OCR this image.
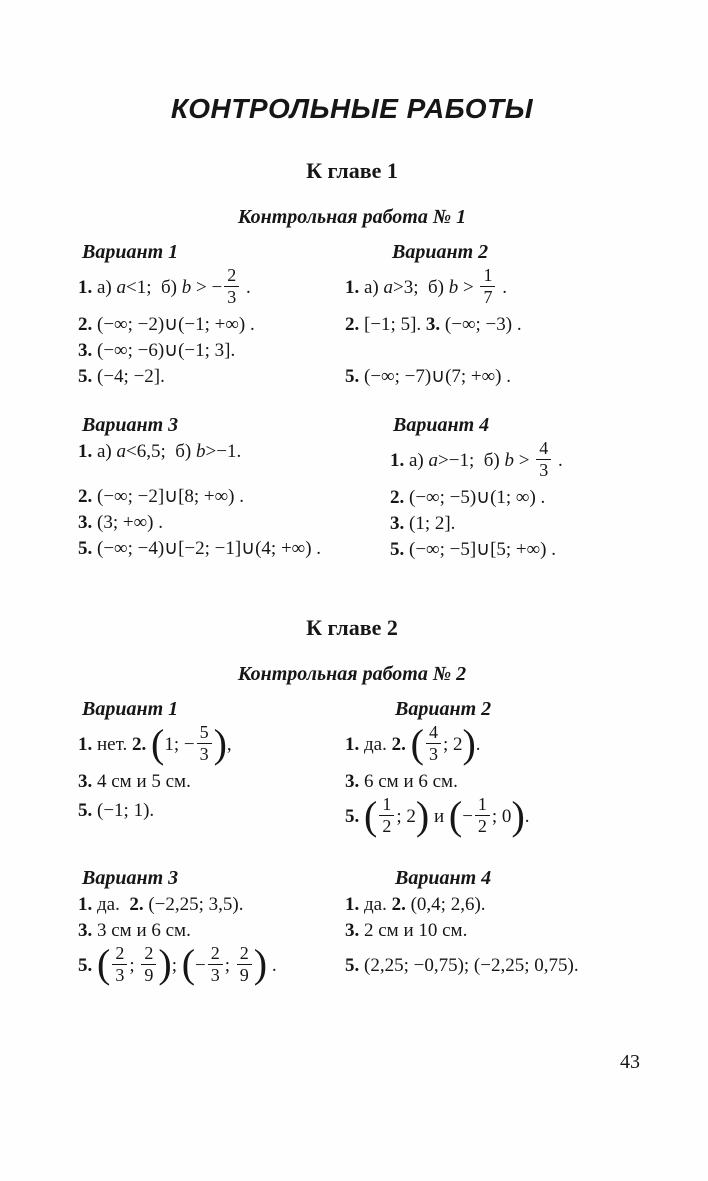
КОНТРОЛЬНЫЕ РАБОТЫ
К главе 1
Контрольная работа № 1
Вариант 1
1. а) a<1;  б) b > − $\frac{2}{3}$ .
2. (−∞; −2)∪(−1; +∞) .
3. (−∞; −6)∪(−1; 3].
5. (−4; −2].
Вариант 2
1. а) a>3;  б) $b > \frac{1}{7}$ .
2. [−1; 5]. 3. (−∞; −3) .
5. (−∞; −7)∪(7; +∞) .
Вариант 3
1. а) a<6,5;  б) b>−1.
2. (−∞; −2]∪[8; +∞) .
3. (3; +∞) .
5. (−∞; −4)∪[−2; −1]∪(4; +∞) .
Вариант 4
1. а) a>−1;  б) $b > \frac{4}{3}$ .
2. (−∞; −5)∪(1; ∞) .
3. (1; 2].
5. (−∞; −5]∪[5; +∞) .
К главе 2
Контрольная работа № 2
Вариант 1
1. нет. 2. (1; − $\frac{5}{3}$ ),
3. 4 см и 5 см.
5. (−1; 1).
Вариант 2
1. да. 2. ( $\frac{4}{3}$ ; 2).
3. 6 см и 6 см.
5. ( $\frac{1}{2}$ ; 2) и (− $\frac{1}{2}$ ; 0).
Вариант 3
1. да.  2. (−2,25; 3,5).
3. 3 см и 6 см.
5. ( $\frac{2}{3}$ ; $\frac{2}{9}$ ); (− $\frac{2}{3}$ ; $\frac{2}{9}$ ) .
Вариант 4
1. да. 2. (0,4; 2,6).
3. 2 см и 10 см.
5. (2,25; −0,75); (−2,25; 0,75).
43
